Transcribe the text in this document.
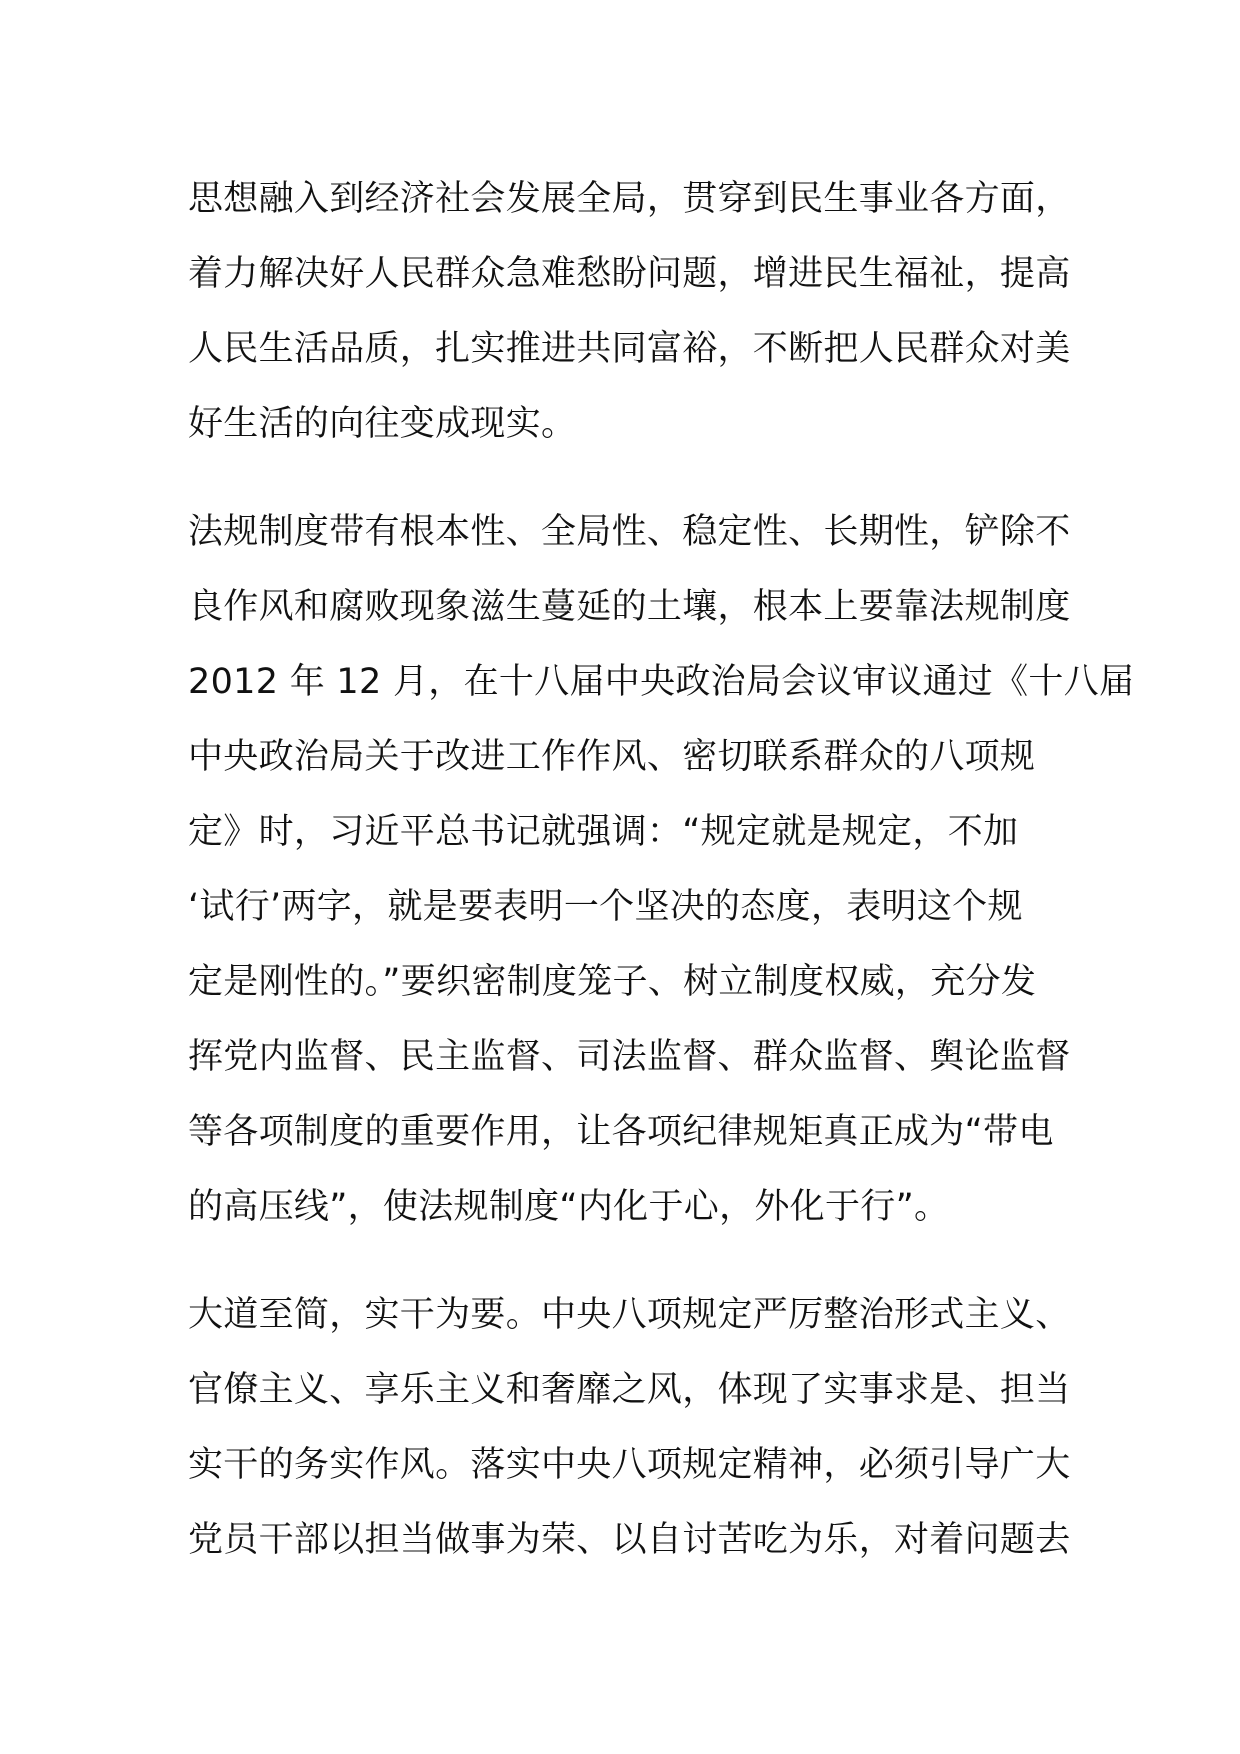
思想融入到经济社会发展全局，贯穿到民生事业各方面，
着力解决好人民群众急难愁盼问题，增进民生福祉，提高
人民生活品质，扎实推进共同富裕，不断把人民群众对美
好生活的向往变成现实。
法规制度带有根本性、全局性、稳定性、长期性，铲除不
良作风和腐败现象滋生蔓延的土壤，根本上要靠法规制度
2012 年 12 月，在十八届中央政治局会议审议通过《十八届
中央政治局关于改进工作作风、密切联系群众的八项规
定》时，习近平总书记就强调：“规定就是规定，不加
‘试行’两字，就是要表明一个坚决的态度，表明这个规
定是刚性的。”要织密制度笼子、树立制度权威，充分发
挥党内监督、民主监督、司法监督、群众监督、舆论监督
等各项制度的重要作用，让各项纪律规矩真正成为“带电
的高压线”，使法规制度“内化于心，外化于行”。
大道至简，实干为要。中央八项规定严厉整治形式主义、
官僚主义、享乐主义和奢靡之风，体现了实事求是、担当
实干的务实作风。落实中央八项规定精神，必须引导广大
党员干部以担当做事为荣、以自讨苦吃为乐，对着问题去
